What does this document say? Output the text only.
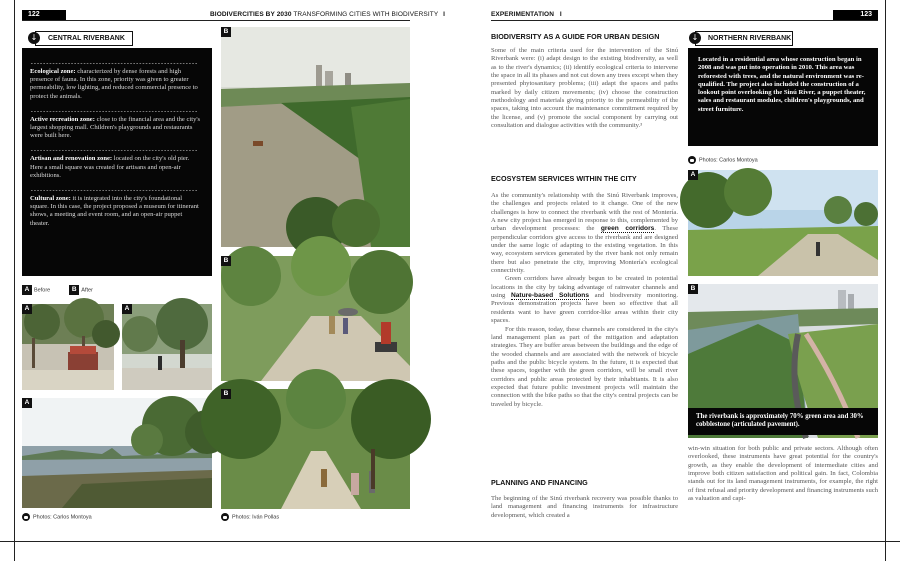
122	BIODIVERCITIES BY 2030 TRANSFORMING CITIES WITH BIODIVERSITY I	EXPERIMENTATION I	123
CENTRAL RIVERBANK
↓
------------------------------------------------------
Ecological zone: characterized by dense forests and high presence of fauna. In this zone, priority was given to greater permeability, low lighting, and reduced commercial presence to protect the animals.
------------------------------------------------------
Active recreation zone: close to the financial area and the city's largest shopping mall. Children's playgrounds and restaurants were built here.
------------------------------------------------------
Artisan and renovation zone: located on the city's old pier. Here a small square was created for artisans and open-air exhibitions.
------------------------------------------------------
Cultural zone: it is integrated into the city's foundational square. In this case, the project proposed a museum for itinerant shows, a meeting and event room, and an open-air puppet theater.
A Before	B After
A	A
A
Photos: Carlos Montoya
B
B
B
Photos: Iván Pollas
BIODIVERSITY AS A GUIDE FOR URBAN DESIGN

Some of the main criteria used for the intervention of the Sinú Riverbank were: (i) adapt design to the existing biodiversity, as well as to the river's dynamics; (ii) identify ecological criteria to intervene the space in all its phases and not cut down any trees except when they presented phytosanitary problems; (iii) adapt the spaces and paths marked by daily citizen movements; (iv) choose the construction methodology and materials giving priority to the permeability of the spaces, taking into account the maintenance commitment required by the license, and (v) promote the social component by carrying out consultation and dialogue activities with the community.³

ECOSYSTEM SERVICES WITHIN THE CITY

As the community's relationship with the Sinú Riverbank improves, the challenges and projects related to it change. One of the new challenges is how to connect the riverbank with the rest of Montería. A new city project has emerged in response to this, complemented by urban development processes: the green corridors. These perpendicular corridors give access to the riverbank and are designed under the same logic of adapting to the existing vegetation. In this way, ecosystem services generated by the river bank not only remain there but also penetrate the city, improving Montería's ecological connectivity.

Green corridors have already begun to be created in potential locations in the city by taking advantage of rainwater channels and using Nature-based Solutions and biodiversity monitoring. Previous demonstration projects have been so effective that all residents want to have green corridor-like areas within their city spaces.

For this reason, today, these channels are considered in the city's land management plan as part of the mitigation and adaptation strategies. They are buffer areas between the buildings and the edge of the wooded channels and are associated with the network of bicycle paths and the public bicycle system. In the future, it is expected that these spaces, together with the green corridors, will be small river corridors and public areas protected by their inhabitants. It is also expected that future public investment projects will maintain the connection with the bike paths so that the city's central projects can be traveled by bicycle.

PLANNING AND FINANCING

The beginning of the Sinú riverbank recovery was possible thanks to land management and financing instruments for infrastructure development, which created a

NORTHERN RIVERBANK
↓
Located in a residential area whose construction began in 2008 and was put into operation in 2010. This area was reforested with trees, and the natural environment was re-qualified. The project also included the construction of a lookout point overlooking the Sinú River, a puppet theater, sales and restaurant modules, children's playgrounds, and street furniture.
Photos: Carlos Montoya
A
B
The riverbank is approximately 70% green area and 30% cobblestone (articulated pavement).

win-win situation for both public and private sectors. Although often overlooked, these instruments have great potential for the country's growth, as they enable the development of intermediate cities and improve both citizen satisfaction and political gain. In fact, Colombia stands out for its land management instruments, for example, the right of first refusal and priority development and financing instruments such as valuation and capi-
